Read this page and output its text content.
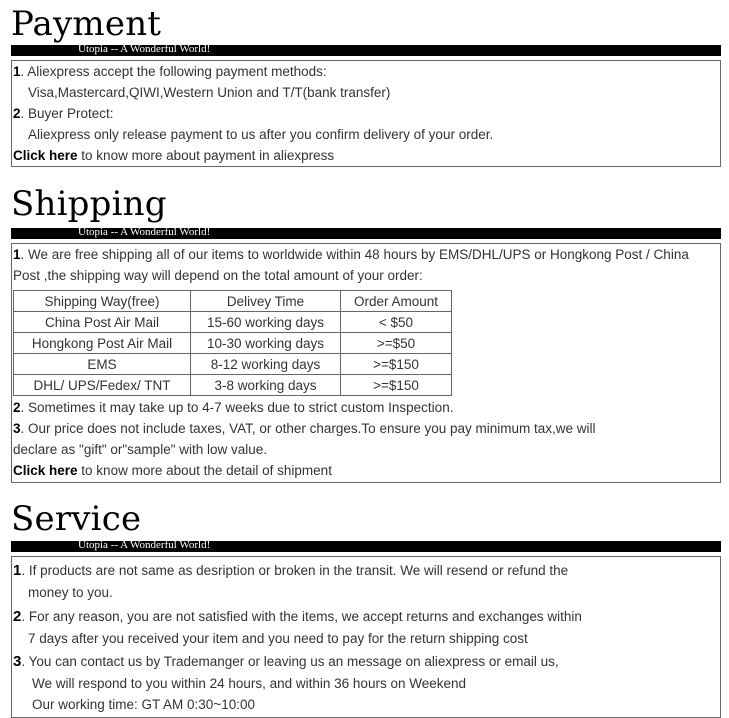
Payment
Utopia -- A Wonderful World!
1. Aliexpress accept the following payment methods:
Visa,Mastercard,QIWI,Western Union and T/T(bank transfer)
2. Buyer Protect:
Aliexpress only release payment to us after you confirm delivery of your order.
Click here to know more about payment in aliexpress
Shipping
Utopia -- A Wonderful World!
1. We are free shipping all of our items to worldwide within 48 hours by EMS/DHL/UPS or Hongkong Post / China
Post ,the shipping way will depend on the total amount of your order:
Shipping Way(free)	Delivey Time	Order Amount
China Post Air Mail	15-60 working days	< $50
Hongkong Post Air Mail	10-30 working days	>=$50
EMS	8-12 working days	>=$150
DHL/ UPS/Fedex/ TNT	3-8 working days	>=$150
2. Sometimes it may take up to 4-7 weeks due to strict custom Inspection.
3. Our price does not include taxes, VAT, or other charges.To ensure you pay minimum tax,we will
declare as "gift" or"sample" with low value.
Click here to know more about the detail of shipment
Service
Utopia -- A Wonderful World!
1. If products are not same as desription or broken in the transit. We will resend or refund the
money to you.
2. For any reason, you are not satisfied with the items, we accept returns and exchanges within
7 days after you received your item and you need to pay for the return shipping cost
3. You can contact us by Trademanger or leaving us an message on aliexpress or email us,
We will respond to you within 24 hours, and within 36 hours on Weekend
Our working time: GT AM 0:30~10:00
